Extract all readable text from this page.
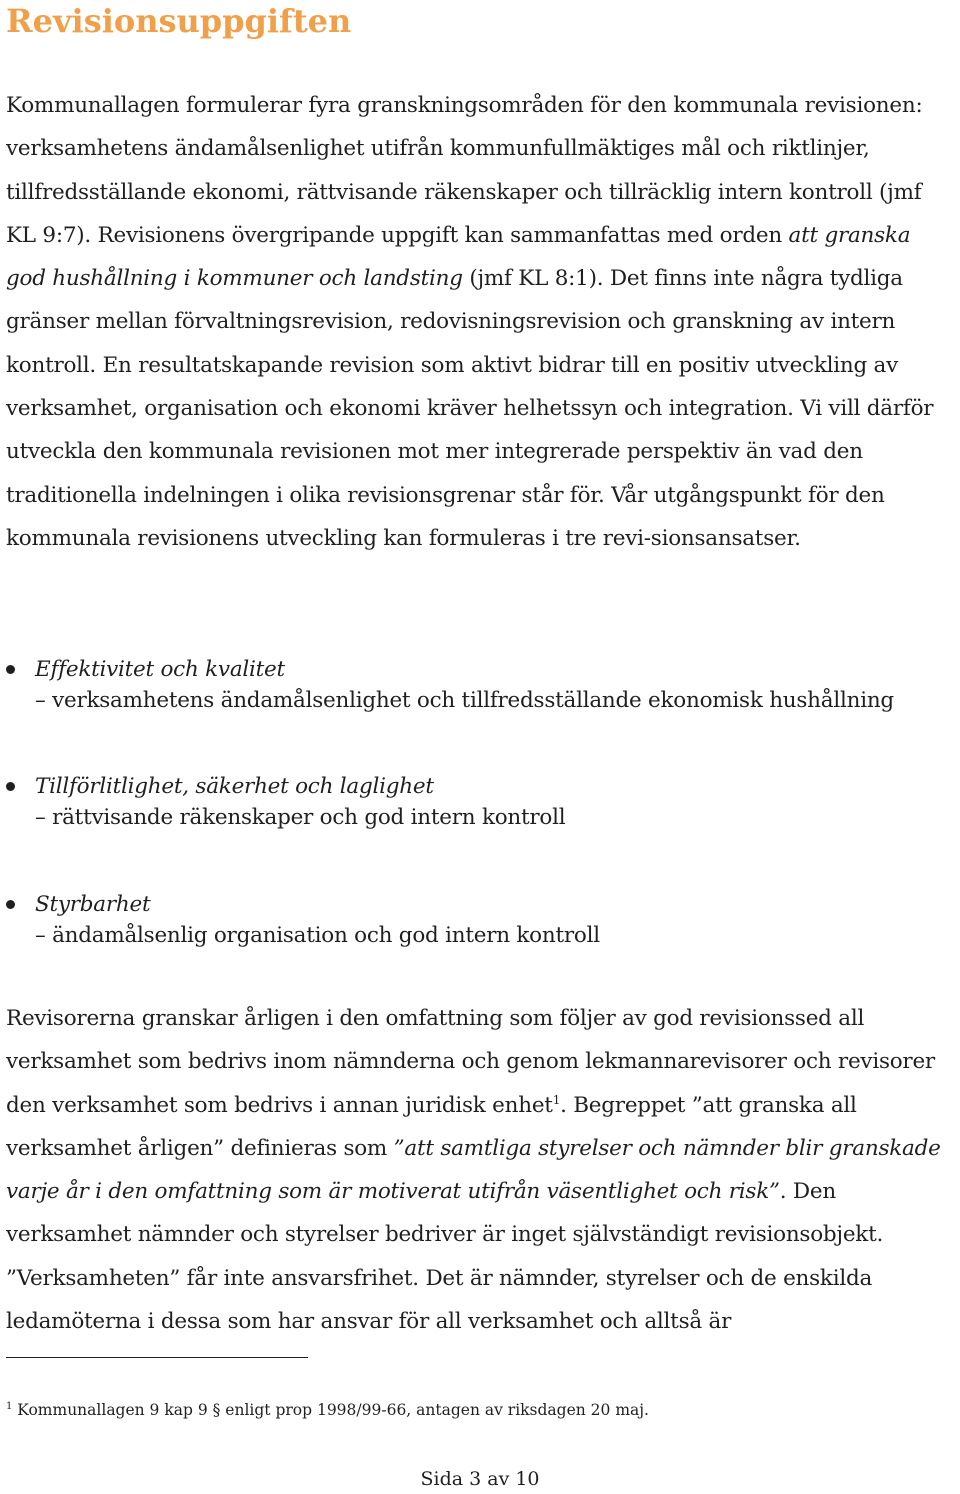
Revisionsuppgiften

Kommunallagen formulerar fyra granskningsområden för den kommunala revisionen: verksamhetens ändamålsenlighet utifrån kommunfullmäktiges mål och riktlinjer, tillfredsställande ekonomi, rättvisande räkenskaper och tillräcklig intern kontroll (jmf KL 9:7). Revisionens övergripande uppgift kan sammanfattas med orden att granska god hushållning i kommuner och landsting (jmf KL 8:1). Det finns inte några tydliga gränser mellan förvaltningsrevision, redovisningsrevision och granskning av intern kontroll. En resultatskapande revision som aktivt bidrar till en positiv utveckling av verksamhet, organisation och ekonomi kräver helhetssyn och integration. Vi vill därför utveckla den kommunala revisionen mot mer integrerade perspektiv än vad den traditionella indelningen i olika revisionsgrenar står för. Vår utgångspunkt för den kommunala revisionens utveckling kan formuleras i tre revi-sionsansatser.

Effektivitet och kvalitet
– verksamhetens ändamålsenlighet och tillfredsställande ekonomisk hushållning
Tillförlitlighet, säkerhet och laglighet
– rättvisande räkenskaper och god intern kontroll
Styrbarhet
– ändamålsenlig organisation och god intern kontroll

Revisorerna granskar årligen i den omfattning som följer av god revisionssed all verksamhet som bedrivs inom nämnderna och genom lekmannarevisorer och revisorer den verksamhet som bedrivs i annan juridisk enhet$^1$. Begreppet ”att granska all verksamhet årligen” definieras som ”att samtliga styrelser och nämnder blir granskade varje år i den omfattning som är motiverat utifrån väsentlighet och risk”. Den verksamhet nämnder och styrelser bedriver är inget självständigt revisionsobjekt. ”Verksamheten” får inte ansvarsfrihet. Det är nämnder, styrelser och de enskilda ledamöterna i dessa som har ansvar för all verksamhet och alltså är

$^1$ Kommunallagen 9 kap 9 § enligt prop 1998/99-66, antagen av riksdagen 20 maj.
Sida 3 av 10
